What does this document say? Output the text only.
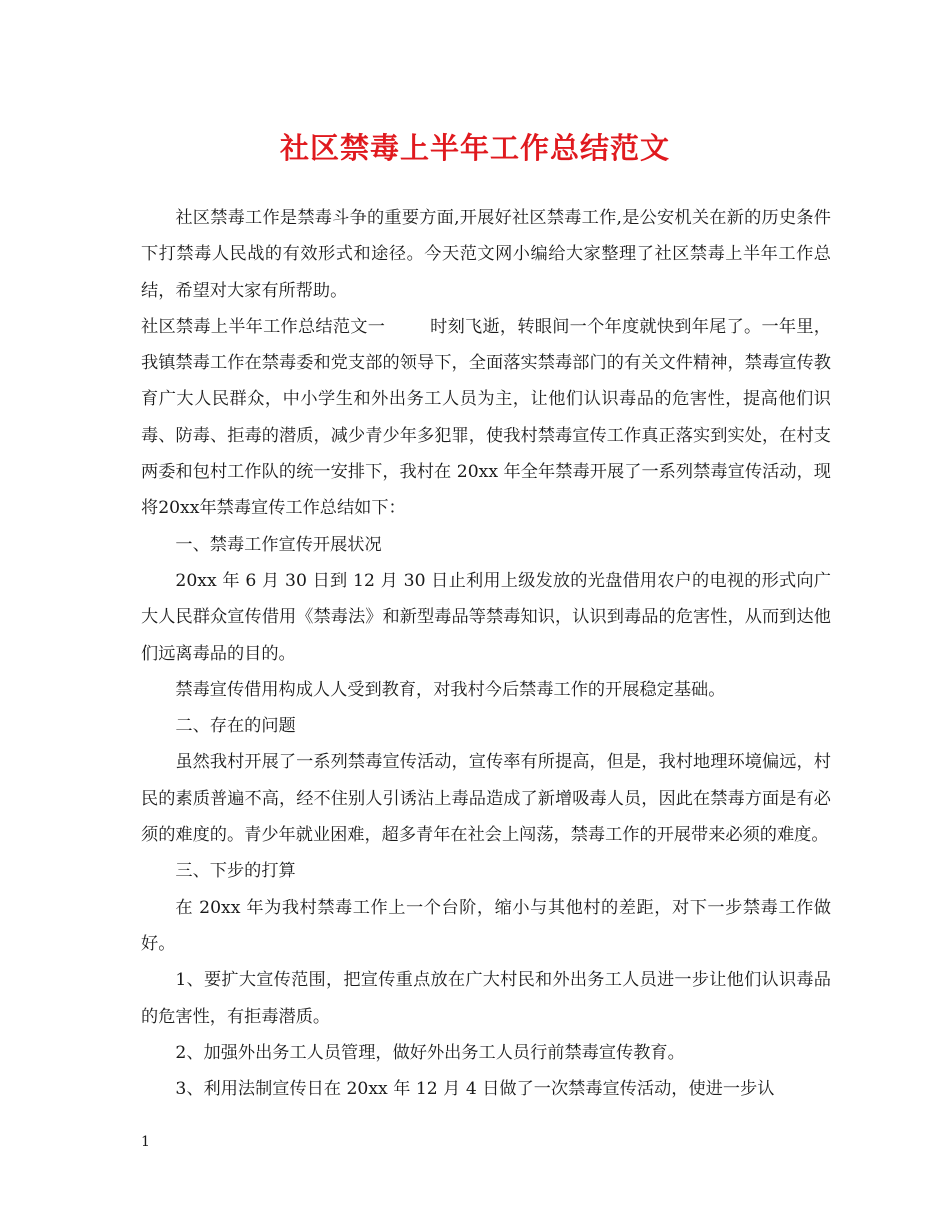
社区禁毒上半年工作总结范文

社区禁毒工作是禁毒斗争的重要方面,开展好社区禁毒工作,是公安机关在新的历史条件下打禁毒人民战的有效形式和途径。今天范文网小编给大家整理了社区禁毒上半年工作总结，希望对大家有所帮助。

社区禁毒上半年工作总结范文一	时刻飞逝，转眼间一个年度就快到年尾了。一年里，我镇禁毒工作在禁毒委和党支部的领导下，全面落实禁毒部门的有关文件精神，禁毒宣传教育广大人民群众，中小学生和外出务工人员为主，让他们认识毒品的危害性，提高他们识毒、防毒、拒毒的潜质，减少青少年多犯罪，使我村禁毒宣传工作真正落实到实处，在村支两委和包村工作队的统一安排下，我村在 20xx 年全年禁毒开展了一系列禁毒宣传活动，现将20xx年禁毒宣传工作总结如下：

一、禁毒工作宣传开展状况

20xx 年 6 月 30 日到 12 月 30 日止利用上级发放的光盘借用农户的电视的形式向广大人民群众宣传借用《禁毒法》和新型毒品等禁毒知识，认识到毒品的危害性，从而到达他们远离毒品的目的。

禁毒宣传借用构成人人受到教育，对我村今后禁毒工作的开展稳定基础。

二、存在的问题

虽然我村开展了一系列禁毒宣传活动，宣传率有所提高，但是，我村地理环境偏远，村民的素质普遍不高，经不住别人引诱沾上毒品造成了新增吸毒人员，因此在禁毒方面是有必须的难度的。青少年就业困难，超多青年在社会上闯荡，禁毒工作的开展带来必须的难度。

三、下步的打算

在 20xx 年为我村禁毒工作上一个台阶，缩小与其他村的差距，对下一步禁毒工作做好。

1、要扩大宣传范围，把宣传重点放在广大村民和外出务工人员进一步让他们认识毒品的危害性，有拒毒潜质。

2、加强外出务工人员管理，做好外出务工人员行前禁毒宣传教育。

3、利用法制宣传日在 20xx 年 12 月 4 日做了一次禁毒宣传活动，使进一步认

1
